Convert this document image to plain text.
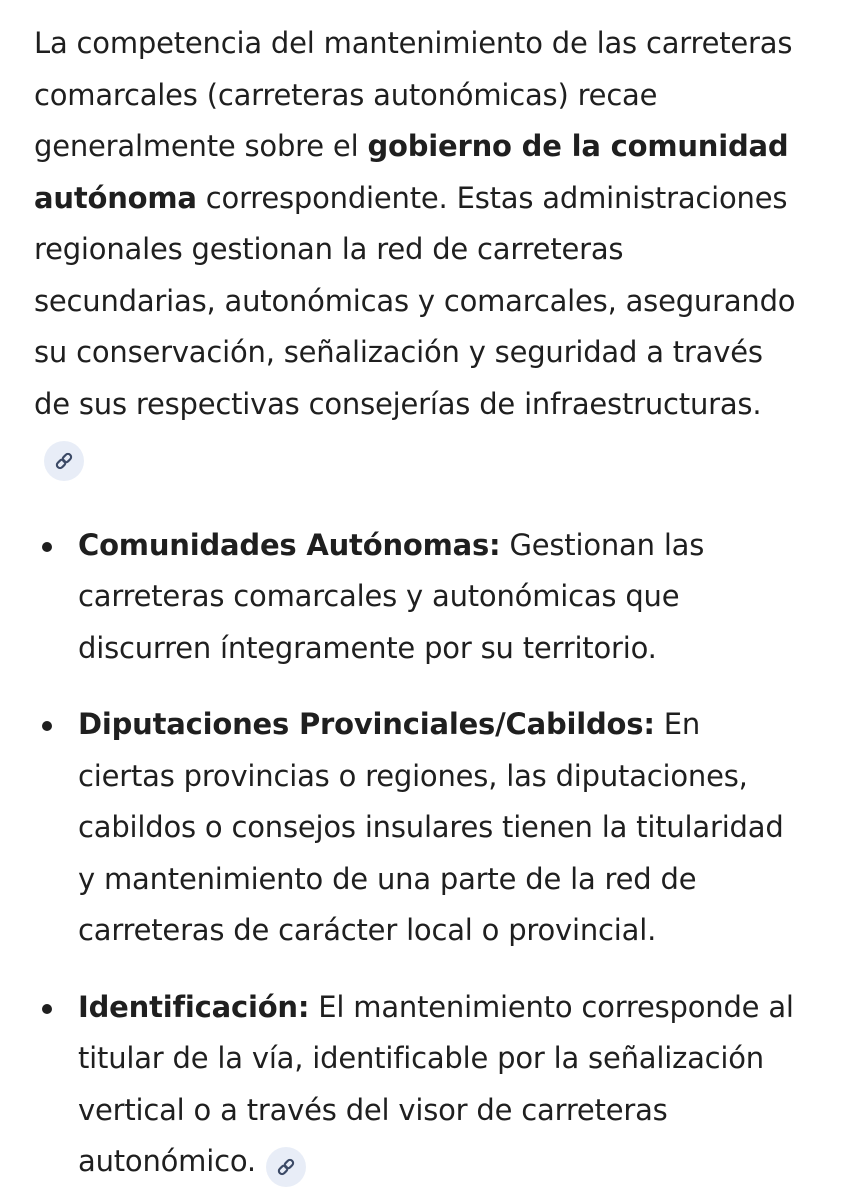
La competencia del mantenimiento de las carreteras comarcales (carreteras autonómicas) recae generalmente sobre el gobierno de la comunidad autónoma correspondiente. Estas administraciones regionales gestionan la red de carreteras secundarias, autonómicas y comarcales, asegurando su conservación, señalización y seguridad a través de sus respectivas consejerías de infraestructuras.

Comunidades Autónomas: Gestionan las carreteras comarcales y autonómicas que discurren íntegramente por su territorio.
Diputaciones Provinciales/Cabildos: En ciertas provincias o regiones, las diputaciones, cabildos o consejos insulares tienen la titularidad y mantenimiento de una parte de la red de carreteras de carácter local o provincial.
Identificación: El mantenimiento corresponde al titular de la vía, identificable por la señalización vertical o a través del visor de carreteras autonómico.
